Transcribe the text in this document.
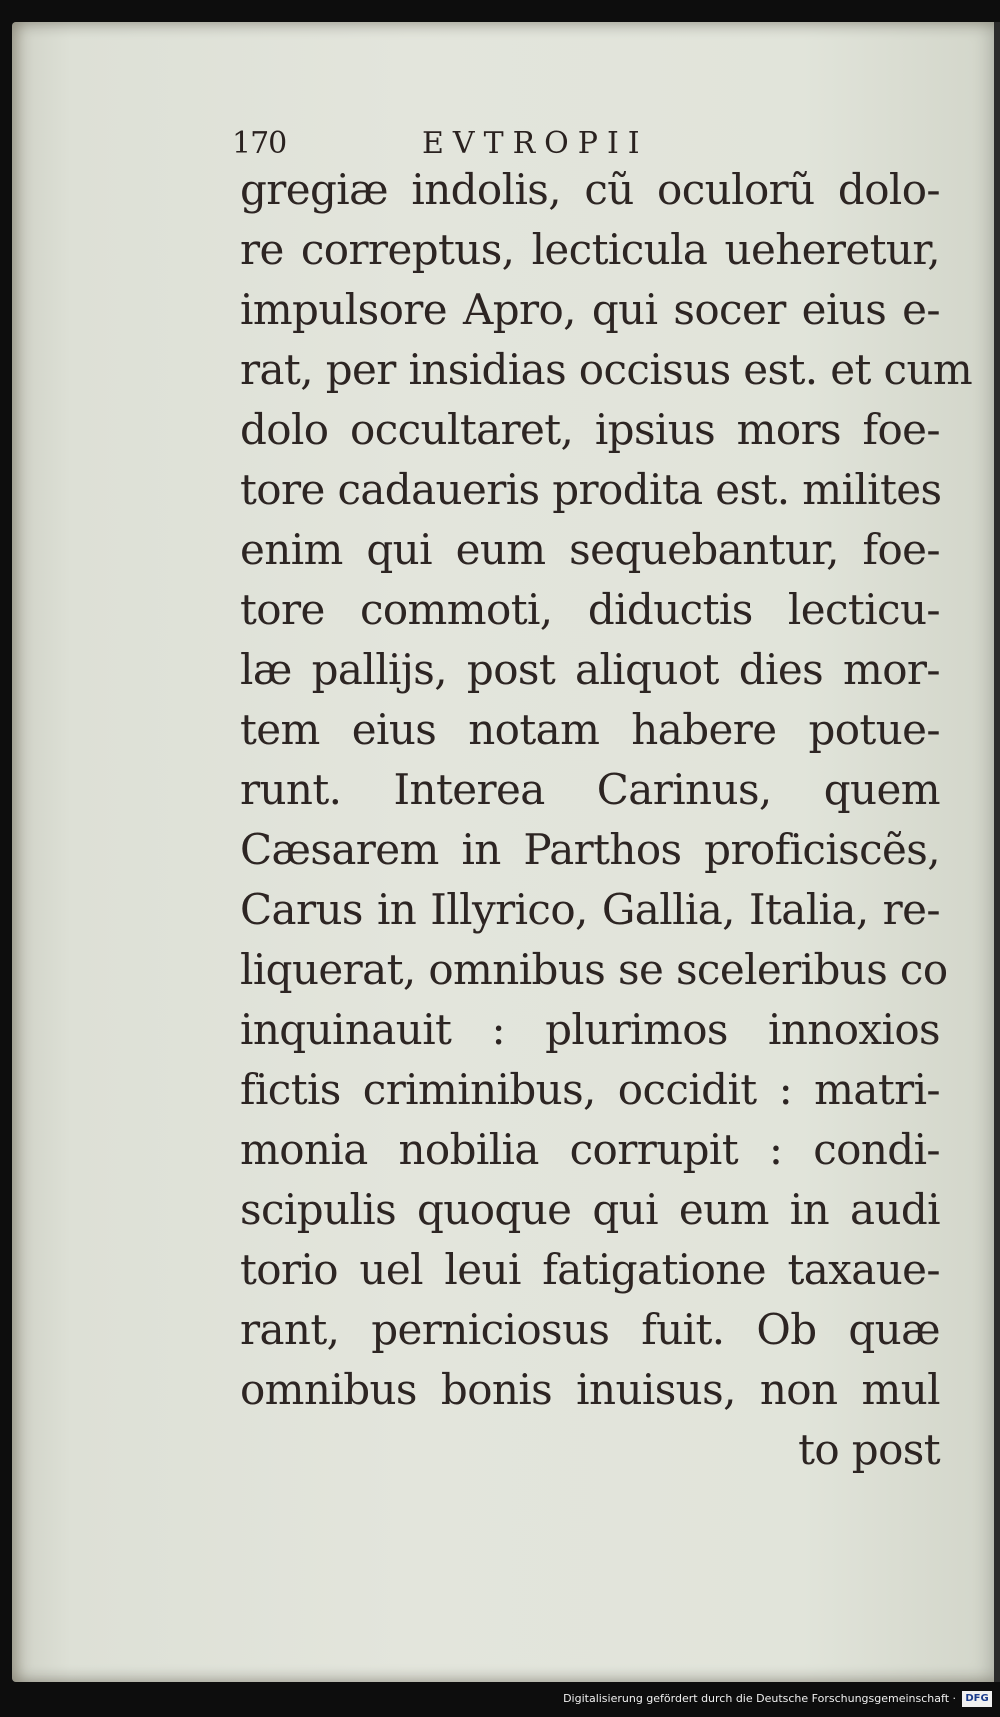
170	EVTROPII
gregiæ indolis, cũ oculorũ dolo-
re correptus, lecticula ueheretur,
impulsore Apro, qui socer eius e-
rat, per insidias occisus est. et cum
dolo occultaret, ipsius mors foe-
tore cadaueris prodita est. milites
enim qui eum sequebantur, foe-
tore commoti, diductis lecticu-
læ pallijs, post aliquot dies mor-
tem eius notam habere potue-
runt. Interea Carinus, quem
Cæsarem in Parthos proficiscẽs,
Carus in Illyrico, Gallia, Italia, re-
liquerat, omnibus se sceleribus co
inquinauit : plurimos innoxios
fictis criminibus, occidit : matri-
monia nobilia corrupit : condi-
scipulis quoque qui eum in audi
torio uel leui fatigatione taxaue-
rant, perniciosus fuit. Ob quæ
omnibus bonis inuisus, non mul
to post
Digitalisierung gefördert durch die Deutsche Forschungsgemeinschaft · DFG
